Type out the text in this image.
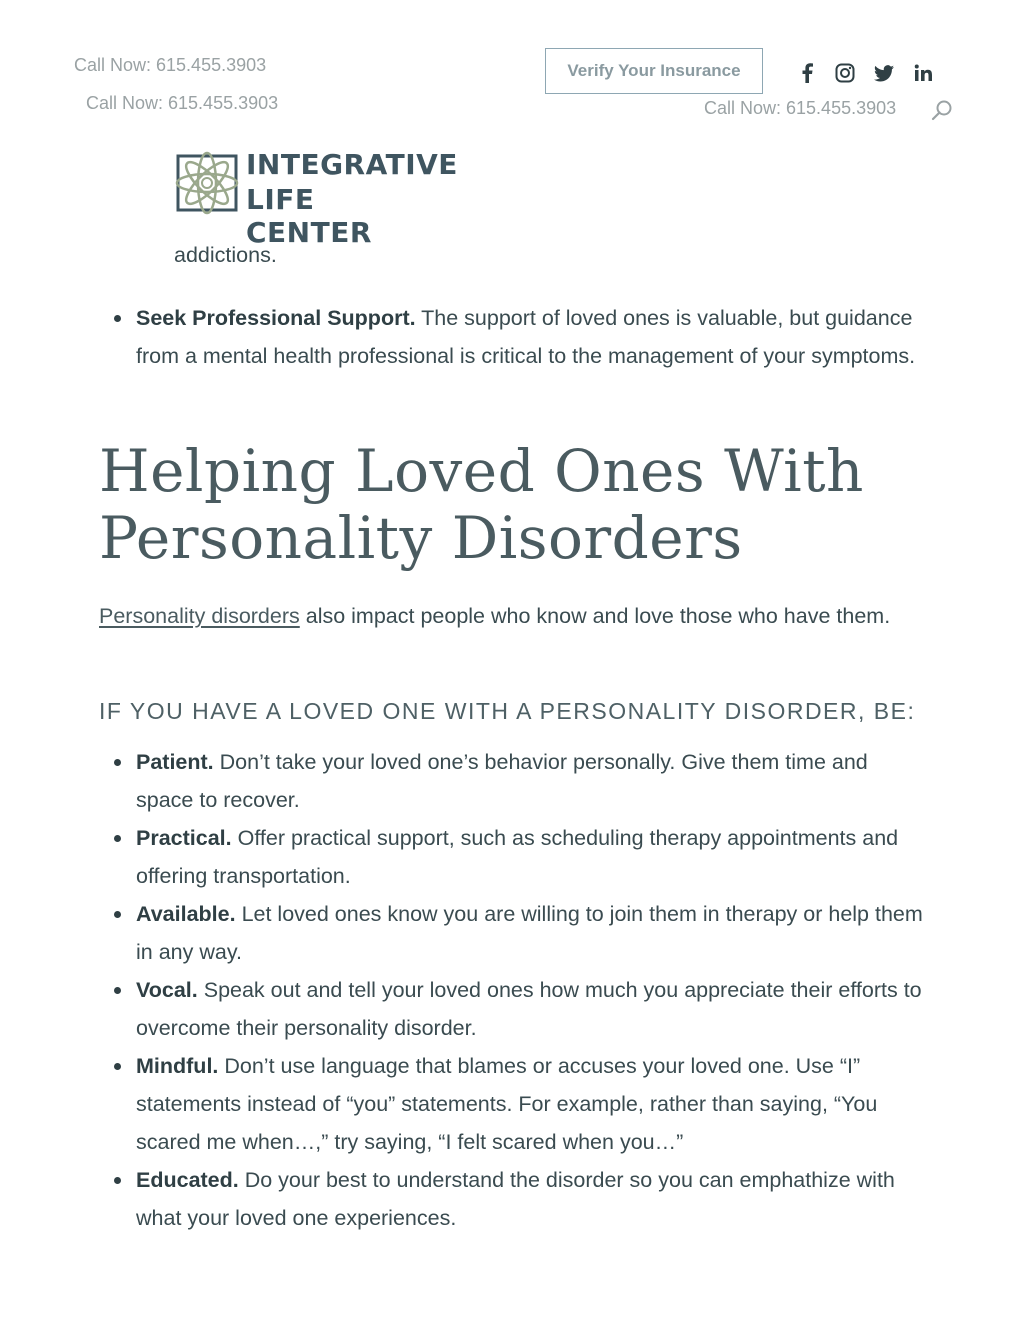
Call Now: 615.455.3903
Call Now: 615.455.3903	Call Now: 615.455.3903
Verify Your Insurance
INTEGRATIVE
LIFE CENTER
addictions.
Seek Professional Support. The support of loved ones is valuable, but guidance from a mental health professional is critical to the management of your symptoms.
Helping Loved Ones With Personality Disorders
Personality disorders also impact people who know and love those who have them.
IF YOU HAVE A LOVED ONE WITH A PERSONALITY DISORDER, BE:
Patient. Don’t take your loved one’s behavior personally. Give them time and space to recover.
Practical. Offer practical support, such as scheduling therapy appointments and offering transportation.
Available. Let loved ones know you are willing to join them in therapy or help them in any way.
Vocal. Speak out and tell your loved ones how much you appreciate their efforts to overcome their personality disorder.
Mindful. Don’t use language that blames or accuses your loved one. Use “I” statements instead of “you” statements. For example, rather than saying, “You scared me when…,” try saying, “I felt scared when you…”
Educated. Do your best to understand the disorder so you can emphathize with what your loved one experiences.
